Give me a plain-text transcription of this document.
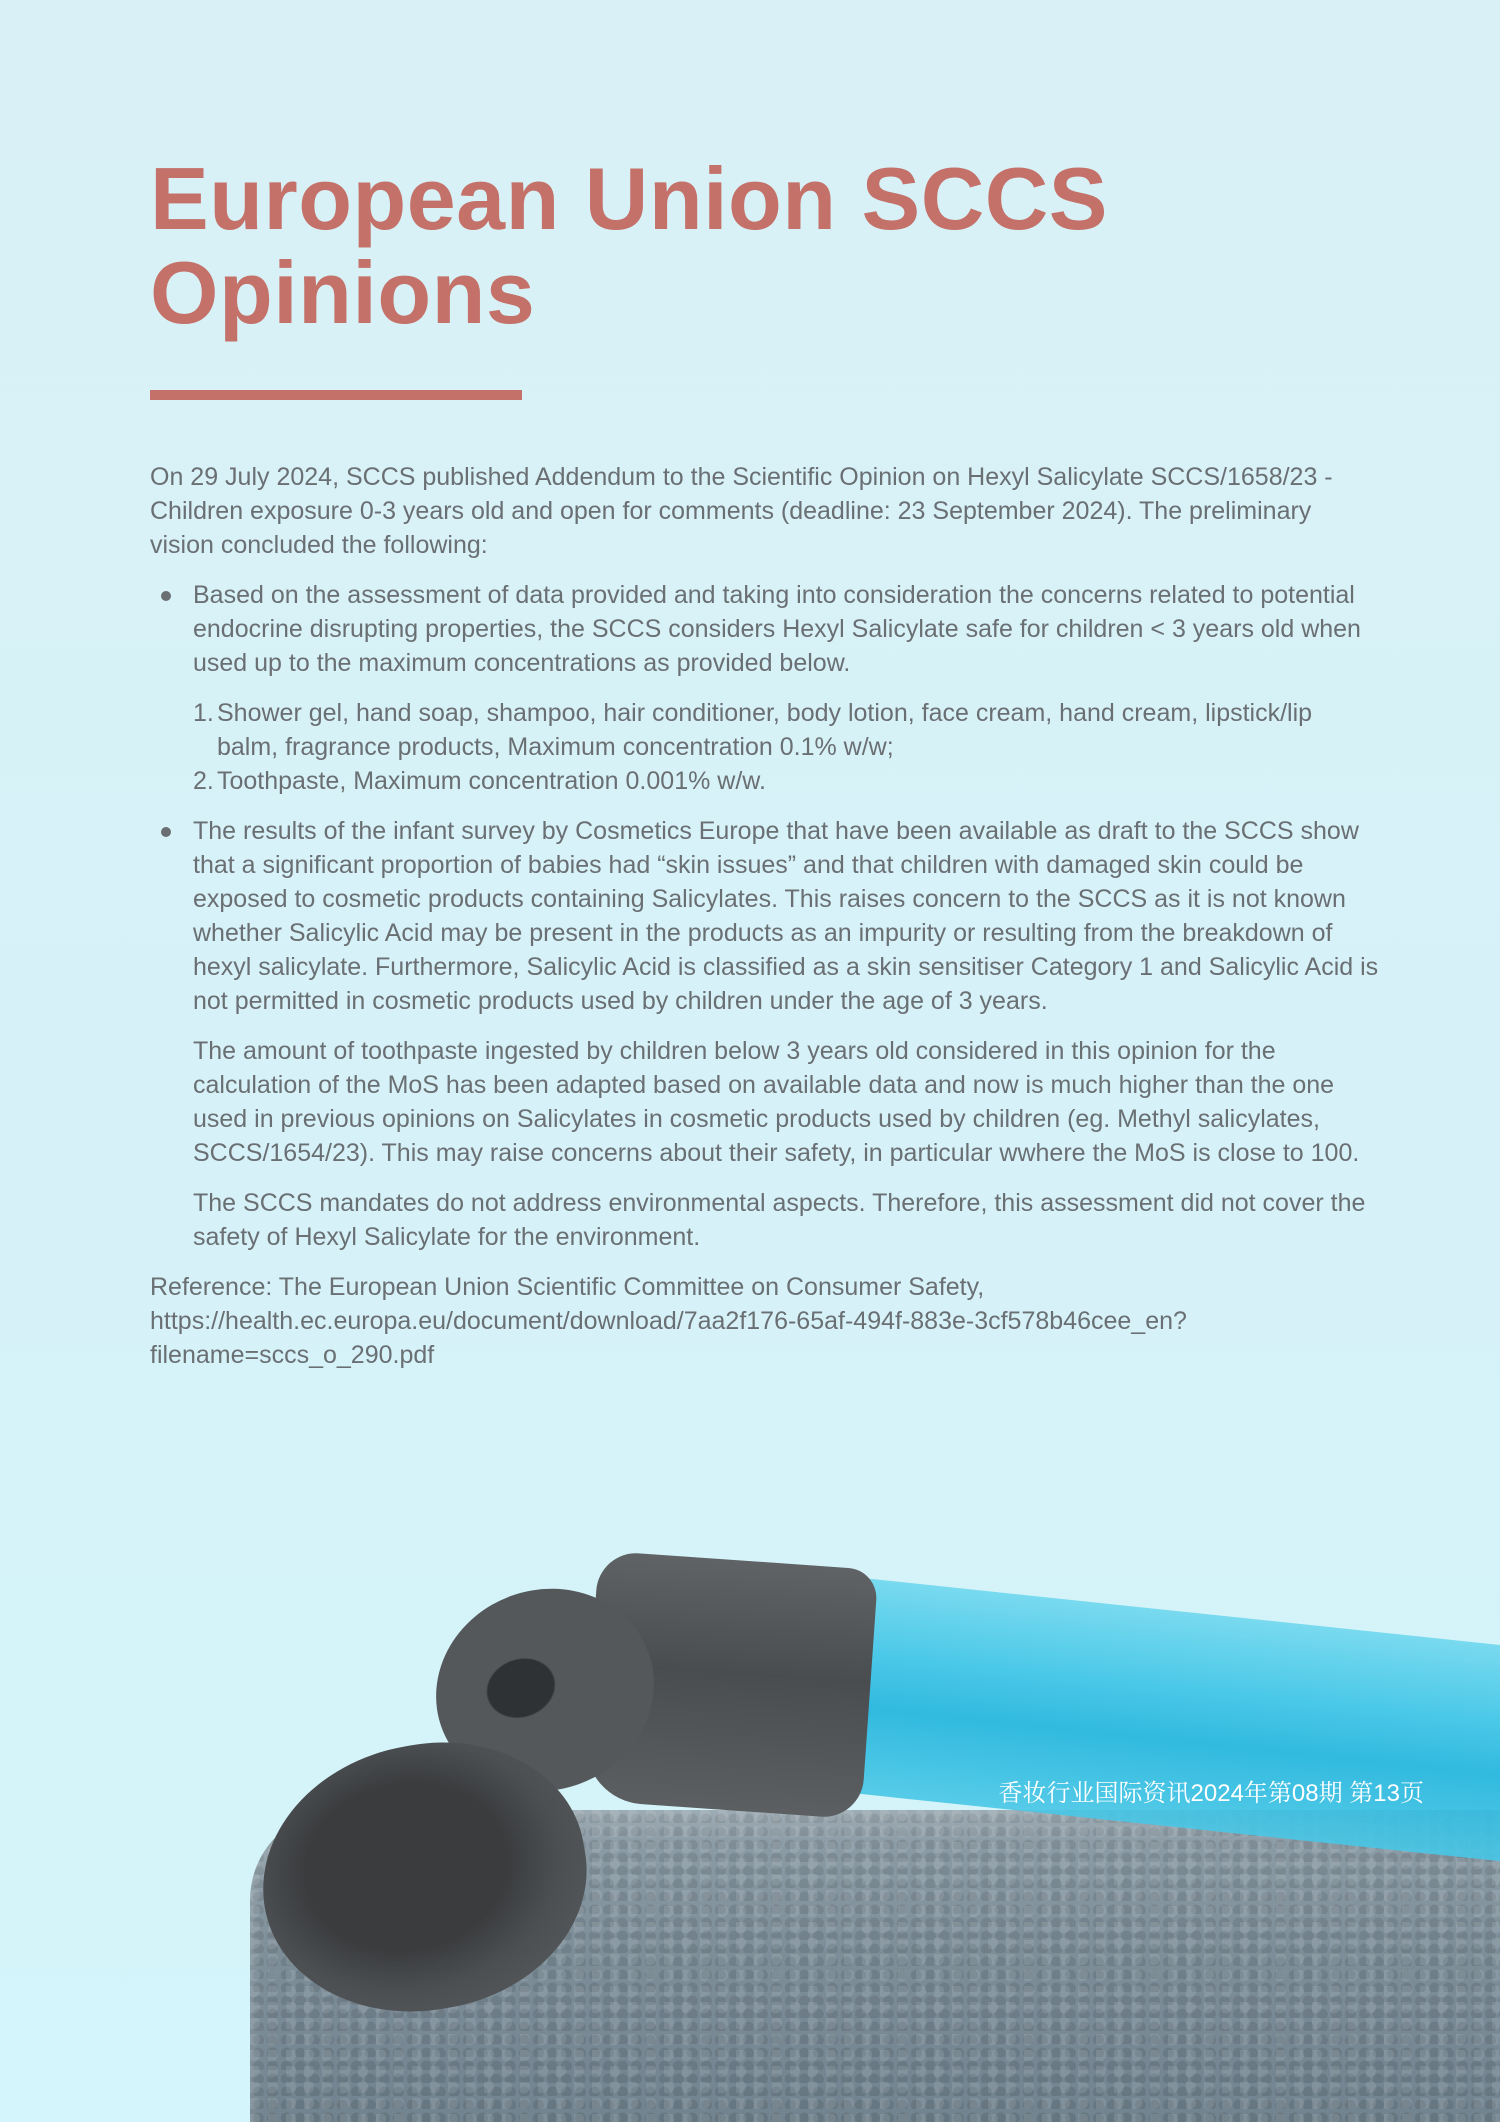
European Union SCCS Opinions

On 29 July 2024, SCCS published Addendum to the Scientific Opinion on Hexyl Salicylate SCCS/1658/23 - Children exposure 0-3 years old and open for comments (deadline: 23 September 2024). The preliminary vision concluded the following:

Based on the assessment of data provided and taking into consideration the concerns related to potential endocrine disrupting properties, the SCCS considers Hexyl Salicylate safe for children < 3 years old when used up to the maximum concentrations as provided below.

1. Shower gel, hand soap, shampoo, hair conditioner, body lotion, face cream, hand cream, lipstick/lip balm, fragrance products, Maximum concentration 0.1% w/w;
2. Toothpaste, Maximum concentration 0.001% w/w.

The results of the infant survey by Cosmetics Europe that have been available as draft to the SCCS show that a significant proportion of babies had “skin issues” and that children with damaged skin could be exposed to cosmetic products containing Salicylates. This raises concern to the SCCS as it is not known whether Salicylic Acid may be present in the products as an impurity or resulting from the breakdown of hexyl salicylate. Furthermore, Salicylic Acid is classified as a skin sensitiser Category 1 and Salicylic Acid is not permitted in cosmetic products used by children under the age of 3 years.

The amount of toothpaste ingested by children below 3 years old considered in this opinion for the calculation of the MoS has been adapted based on available data and now is much higher than the one used in previous opinions on Salicylates in cosmetic products used by children (eg. Methyl salicylates, SCCS/1654/23). This may raise concerns about their safety, in particular wwhere the MoS is close to 100.

The SCCS mandates do not address environmental aspects. Therefore, this assessment did not cover the safety of Hexyl Salicylate for the environment.

Reference: The European Union Scientific Committee on Consumer Safety,
https://health.ec.europa.eu/document/download/7aa2f176-65af-494f-883e-3cf578b46cee_en?
filename=sccs_o_290.pdf

香妆行业国际资讯2024年第08期 第13页
